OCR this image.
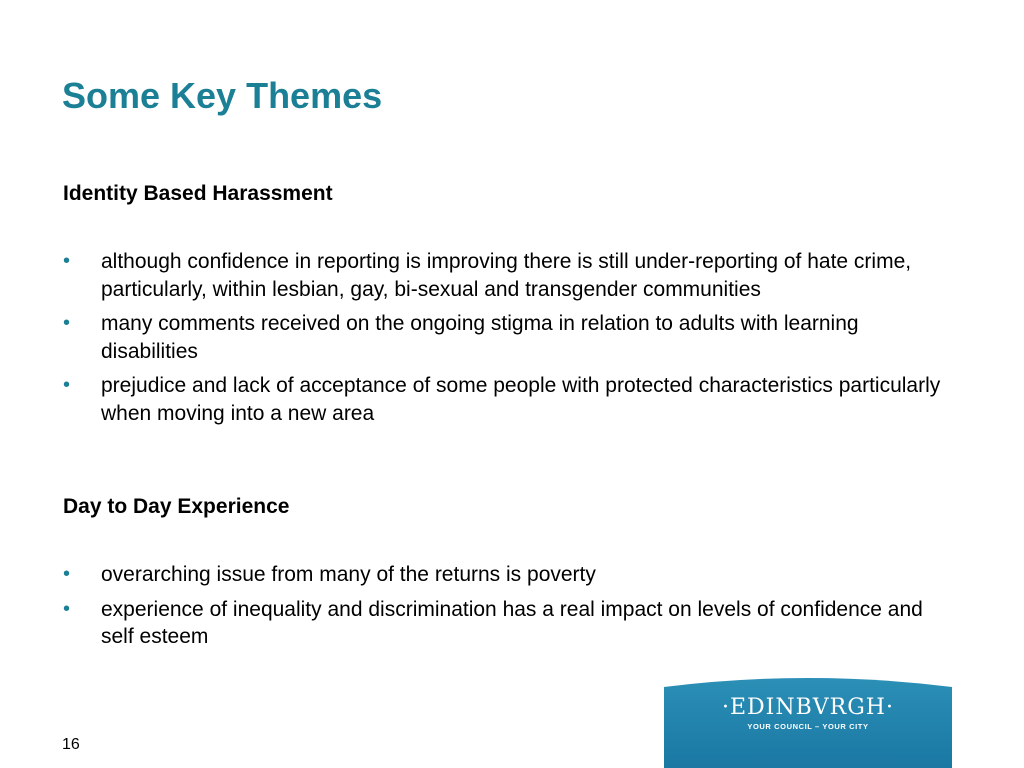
Some Key Themes
Identity Based Harassment
• although confidence in reporting is improving there is still under-reporting of hate crime, particularly, within lesbian, gay, bi-sexual and transgender communities
• many comments received on the ongoing stigma in relation to adults with learning disabilities
• prejudice and lack of acceptance of some people with protected characteristics particularly when moving into a new area
Day to Day Experience
• overarching issue from many of the returns is poverty
• experience of inequality and discrimination has a real impact on levels of confidence and self esteem
16
·EDINBVRGH·
YOUR COUNCIL – YOUR CITY
